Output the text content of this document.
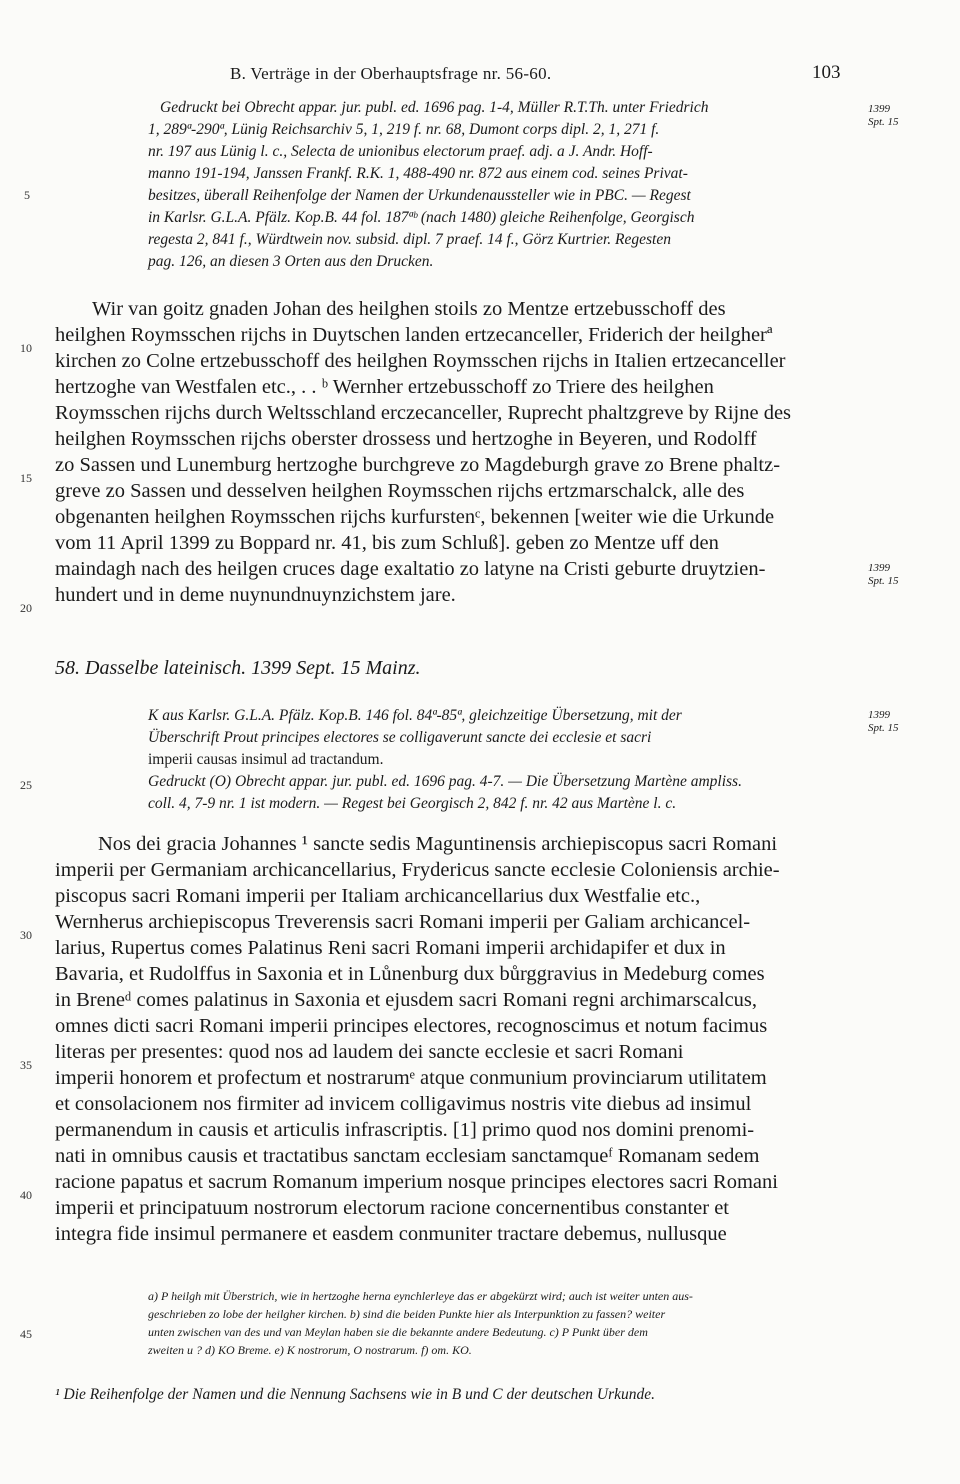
B. Verträge in der Oberhauptsfrage nr. 56-60.	103
Gedruckt bei Obrecht appar. jur. publ. ed. 1696 pag. 1-4, Müller R.T.Th. unter Friedrich
1, 289ª-290ª, Lünig Reichsarchiv 5, 1, 219 f. nr. 68, Dumont corps dipl. 2, 1, 271 f.
nr. 197 aus Lünig l. c., Selecta de unionibus electorum praef. adj. a J. Andr. Hoff-
manno 191-194, Janssen Frankf. R.K. 1, 488-490 nr. 872 aus einem cod. seines Privat-
besitzes, überall Reihenfolge der Namen der Urkundenaussteller wie in PBC. — Regest
in Karlsr. G.L.A. Pfälz. Kop.B. 44 fol. 187ªᵇ (nach 1480) gleiche Reihenfolge, Georgisch
regesta 2, 841 f., Würdtwein nov. subsid. dipl. 7 praef. 14 f., Görz Kurtrier. Regesten
pag. 126, an diesen 3 Orten aus den Drucken.
1399
Spt. 15
Wir van goitz gnaden Johan des heilghen stoils zo Mentze ertzebusschoff des
heilghen Roymsschen rijchs in Duytschen landen ertzecanceller, Friderich der heilgherª
kirchen zo Colne ertzebusschoff des heilghen Roymsschen rijchs in Italien ertzecanceller
hertzoghe van Westfalen etc., . . ᵇ Wernher ertzebusschoff zo Triere des heilghen
Roymsschen rijchs durch Weltsschland erczecanceller, Ruprecht phaltzgreve by Rijne des
heilghen Roymsschen rijchs oberster drossess und hertzoghe in Beyeren, und Rodolff
zo Sassen und Lunemburg hertzoghe burchgreve zo Magdeburgh grave zo Brene phaltz-
greve zo Sassen und desselven heilghen Roymsschen rijchs ertzmarschalck, alle des
obgenanten heilghen Roymsschen rijchs kurfurstenᶜ, bekennen [weiter wie die Urkunde
vom 11 April 1399 zu Boppard nr. 41, bis zum Schluß]. geben zo Mentze uff den
maindagh nach des heilgen cruces dage exaltatio zo latyne na Cristi geburte druytzien-
hundert und in deme nuynundnuynzichstem jare.
1399
Spt. 15
58. Dasselbe lateinisch. 1399 Sept. 15 Mainz.
K aus Karlsr. G.L.A. Pfälz. Kop.B. 146 fol. 84ª-85ª, gleichzeitige Übersetzung, mit der
Überschrift Prout principes electores se colligaverunt sancte dei ecclesie et sacri
imperii causas insimul ad tractandum.
Gedruckt (O) Obrecht appar. jur. publ. ed. 1696 pag. 4-7. — Die Übersetzung Martène ampliss.
coll. 4, 7-9 nr. 1 ist modern. — Regest bei Georgisch 2, 842 f. nr. 42 aus Martène l. c.
1399
Spt. 15
Nos dei gracia Johannes ¹ sancte sedis Maguntinensis archiepiscopus sacri Romani
imperii per Germaniam archicancellarius, Frydericus sancte ecclesie Coloniensis archie-
piscopus sacri Romani imperii per Italiam archicancellarius dux Westfalie etc.,
Wernherus archiepiscopus Treverensis sacri Romani imperii per Galiam archicancel-
larius, Rupertus comes Palatinus Reni sacri Romani imperii archidapifer et dux in
Bavaria, et Rudolffus in Saxonia et in Lůnenburg dux bůrggravius in Medeburg comes
in Breneᵈ comes palatinus in Saxonia et ejusdem sacri Romani regni archimarscalcus,
omnes dicti sacri Romani imperii principes electores, recognoscimus et notum facimus
literas per presentes: quod nos ad laudem dei sancte ecclesie et sacri Romani
imperii honorem et profectum et nostrarumᵉ atque conmunium provinciarum utilitatem
et consolacionem nos firmiter ad invicem colligavimus nostris vite diebus ad insimul
permanendum in causis et articulis infrascriptis. [1] primo quod nos domini prenomi-
nati in omnibus causis et tractatibus sanctam ecclesiam sanctamqueᶠ Romanam sedem
racione papatus et sacrum Romanum imperium nosque principes electores sacri Romani
imperii et principatuum nostrorum electorum racione concernentibus constanter et
integra fide insimul permanere et easdem conmuniter tractare debemus, nullusque
5
10
15
20
25
30
35
40
45
a) P heilgh mit Überstrich, wie in hertzoghe herna eynchlerleye das er abgekürzt wird; auch ist weiter unten aus-
geschrieben zo lobe der heilgher kirchen. b) sind die beiden Punkte hier als Interpunktion zu fassen? weiter
unten zwischen van des und van Meylan haben sie die bekannte andere Bedeutung. c) P Punkt über dem
zweiten u ? d) KO Breme. e) K nostrorum, O nostrarum. f) om. KO.
¹ Die Reihenfolge der Namen und die Nennung Sachsens wie in B und C der deutschen Urkunde.
